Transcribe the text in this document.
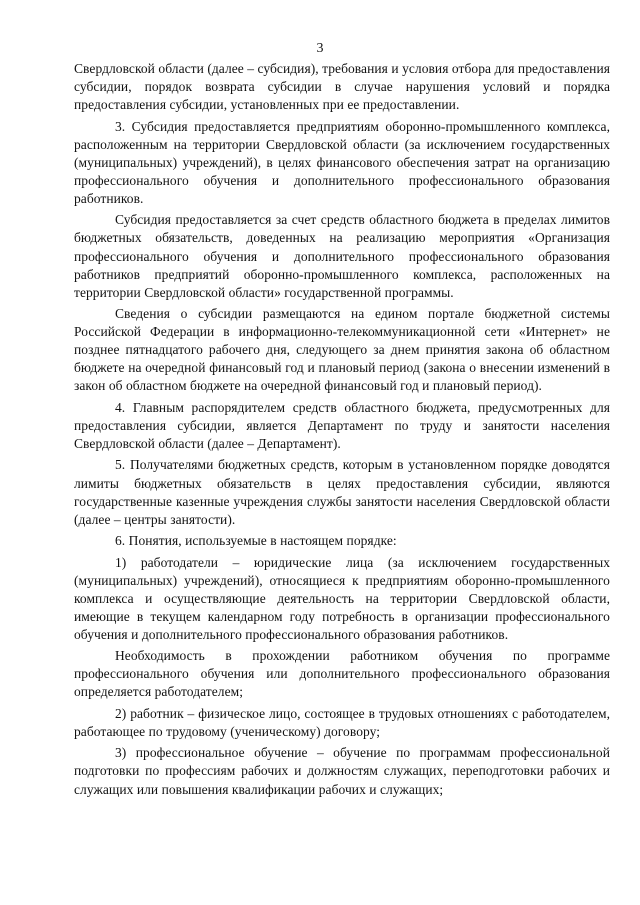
3

Свердловской области (далее – субсидия), требования и условия отбора для предоставления субсидии, порядок возврата субсидии в случае нарушения условий и порядка предоставления субсидии, установленных при ее предоставлении.

3. Субсидия предоставляется предприятиям оборонно-промышленного комплекса, расположенным на территории Свердловской области (за исключением государственных (муниципальных) учреждений), в целях финансового обеспечения затрат на организацию профессионального обучения и дополнительного профессионального образования работников.

Субсидия предоставляется за счет средств областного бюджета в пределах лимитов бюджетных обязательств, доведенных на реализацию мероприятия «Организация профессионального обучения и дополнительного профессионального образования работников предприятий оборонно-промышленного комплекса, расположенных на территории Свердловской области» государственной программы.

Сведения о субсидии размещаются на едином портале бюджетной системы Российской Федерации в информационно-телекоммуникационной сети «Интернет» не позднее пятнадцатого рабочего дня, следующего за днем принятия закона об областном бюджете на очередной финансовый год и плановый период (закона о внесении изменений в закон об областном бюджете на очередной финансовый год и плановый период).

4. Главным распорядителем средств областного бюджета, предусмотренных для предоставления субсидии, является Департамент по труду и занятости населения Свердловской области (далее – Департамент).

5. Получателями бюджетных средств, которым в установленном порядке доводятся лимиты бюджетных обязательств в целях предоставления субсидии, являются государственные казенные учреждения службы занятости населения Свердловской области (далее – центры занятости).

6. Понятия, используемые в настоящем порядке:

1) работодатели – юридические лица (за исключением государственных (муниципальных) учреждений), относящиеся к предприятиям оборонно-промышленного комплекса и осуществляющие деятельность на территории Свердловской области, имеющие в текущем календарном году потребность в организации профессионального обучения и дополнительного профессионального образования работников.

Необходимость в прохождении работником обучения по программе профессионального обучения или дополнительного профессионального образования определяется работодателем;

2) работник – физическое лицо, состоящее в трудовых отношениях с работодателем, работающее по трудовому (ученическому) договору;

3) профессиональное обучение – обучение по программам профессиональной подготовки по профессиям рабочих и должностям служащих, переподготовки рабочих и служащих или повышения квалификации рабочих и служащих;
